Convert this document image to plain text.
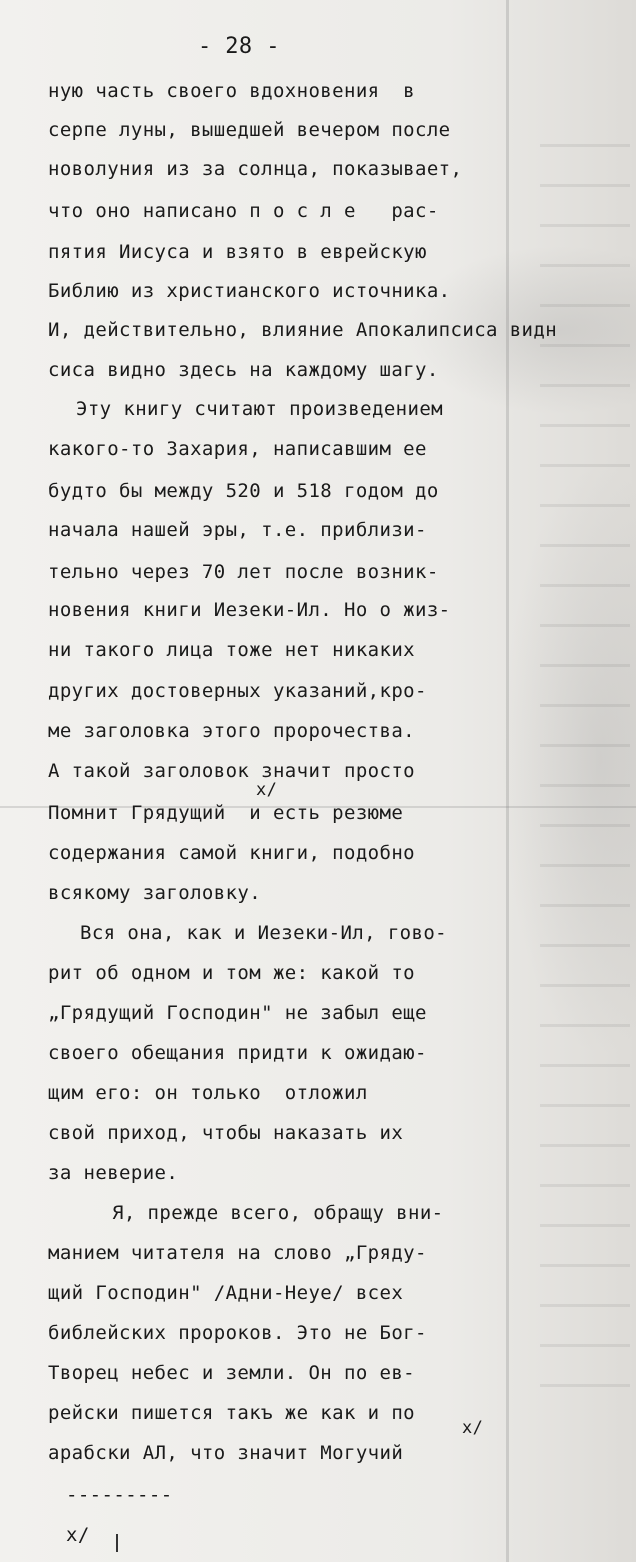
- 28 -
ную часть своего вдохновения  в
серпе луны, вышедшей вечером после
новолуния из за солнца, показывает,
что оно написано п о с л е   рас-
пятия Иисуса и взято в еврейскую
Библию из христианского источника.
И, действительно, влияние Апокалипсиса видн
сиса видно здесь на каждому шагу.
Эту книгу считают произведением
какого-то Захария, написавшим ее
будто бы между 520 и 518 годом до
начала нашей эры, т.е. приблизи-
тельно через 70 лет после возник-
новения книги Иезеки-Ил. Но о жиз-
ни такого лица тоже нет никаких
других достоверных указаний,кро-
ме заголовка этого пророчества.
А такой заголовок значит просто
x/
Помнит Грядущий  и есть резюме
содержания самой книги, подобно
всякому заголовку.
Вся она, как и Иезеки-Ил, гово-
рит об одном и том же: какой то
„Грядущий Господин" не забыл еще
своего обещания придти к ожидаю-
щим его: он только  отложил
свой приход, чтобы наказать их
за неверие.
Я, прежде всего, обращу вни-
манием читателя на слово „Гряду-
щий Господин" /Адни-Неуе/ всех
библейских пророков. Это не Бог-
Творец небес и земли. Он по ев-
рейски пишется такъ же как и по
x/
арабски АЛ, что значит Могучий
---------
x/
